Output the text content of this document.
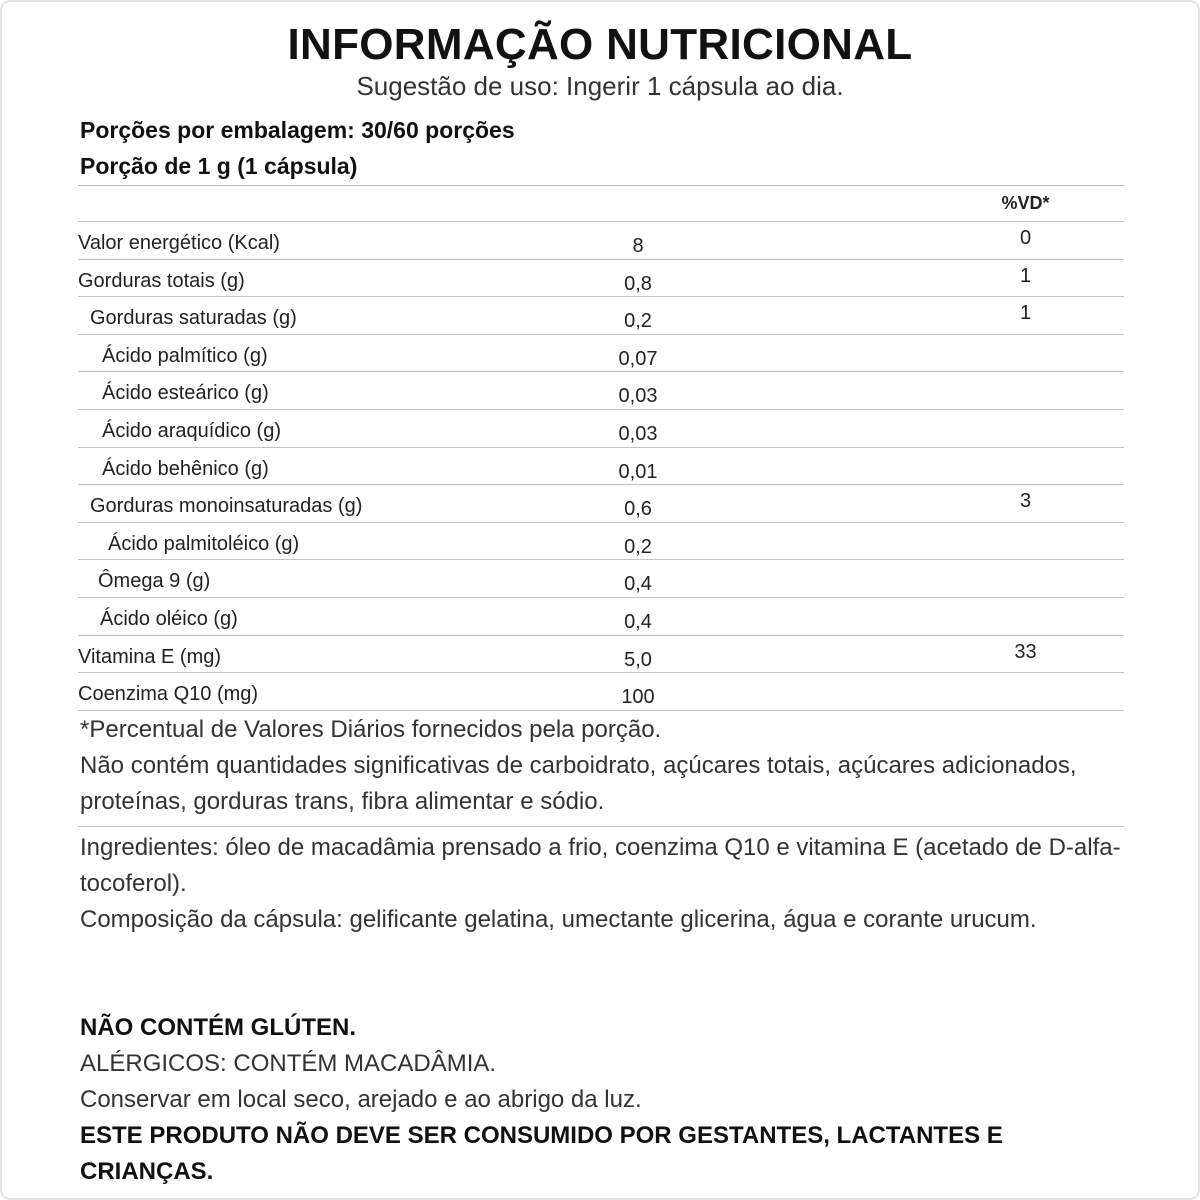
INFORMAÇÃO NUTRICIONAL
Sugestão de uso: Ingerir 1 cápsula ao dia.
Porções por embalagem: 30/60 porções
Porção de 1 g (1 cápsula)
%VD*
Valor energético (Kcal)	8	0
Gorduras totais (g)	0,8	1
Gorduras saturadas (g)	0,2	1
Ácido palmítico (g)	0,07
Ácido esteárico (g)	0,03
Ácido araquídico (g)	0,03
Ácido behênico (g)	0,01
Gorduras monoinsaturadas (g)	0,6	3
Ácido palmitoléico (g)	0,2
Ômega 9 (g)	0,4
Ácido oléico (g)	0,4
Vitamina E (mg)	5,0	33
Coenzima Q10 (mg)	100
*Percentual de Valores Diários fornecidos pela porção.
Não contém quantidades significativas de carboidrato, açúcares totais, açúcares adicionados, proteínas, gorduras trans, fibra alimentar e sódio.
Ingredientes: óleo de macadâmia prensado a frio, coenzima Q10 e vitamina E (acetado de D-alfa-tocoferol).
Composição da cápsula: gelificante gelatina, umectante glicerina, água e corante urucum.
NÃO CONTÉM GLÚTEN.
ALÉRGICOS: CONTÉM MACADÂMIA.
Conservar em local seco, arejado e ao abrigo da luz.
ESTE PRODUTO NÃO DEVE SER CONSUMIDO POR GESTANTES, LACTANTES E CRIANÇAS.
